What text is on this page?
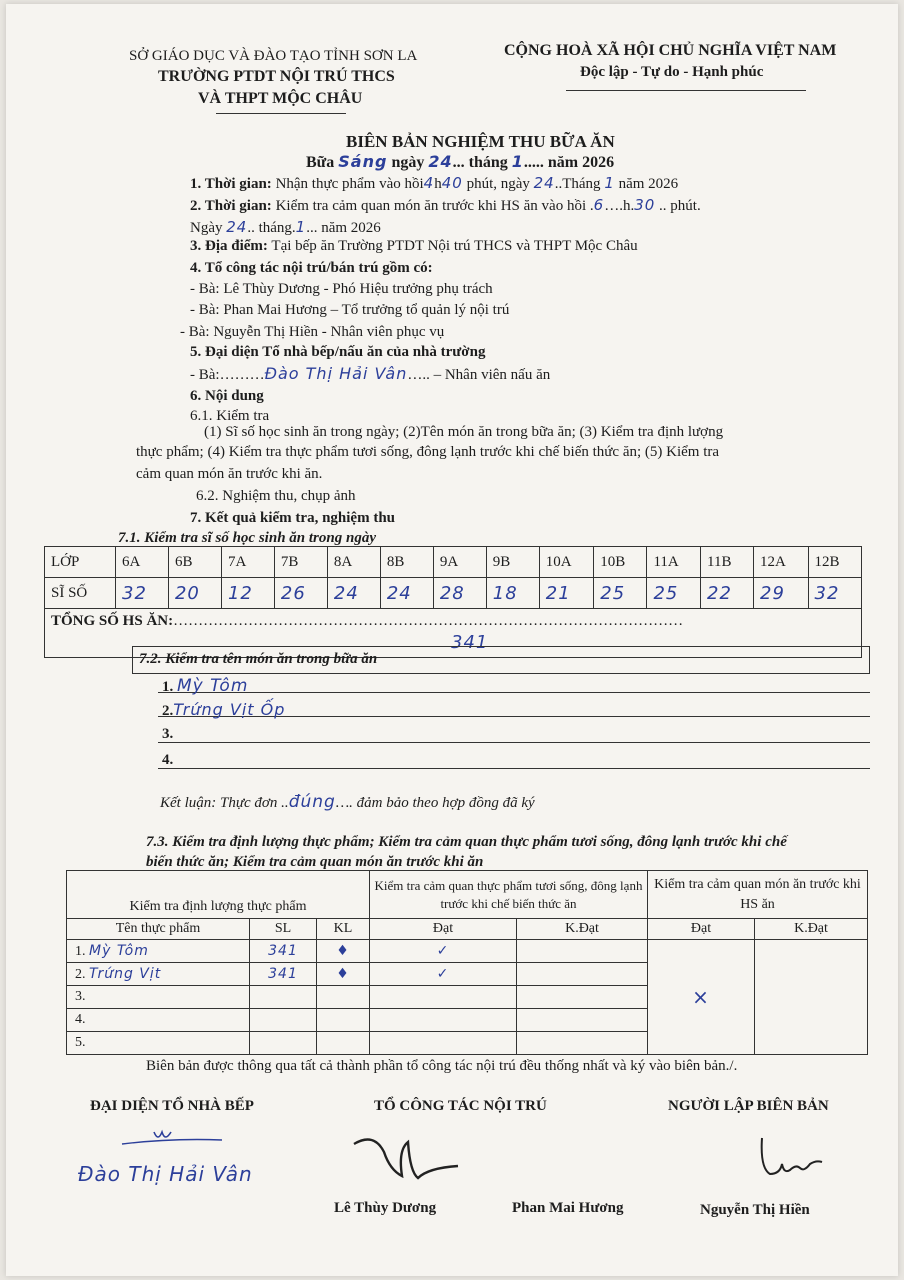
SỞ GIÁO DỤC VÀ ĐÀO TẠO TỈNH SƠN LA
TRƯỜNG PTDT NỘI TRÚ THCS
VÀ THPT MỘC CHÂU
CỘNG HOÀ XÃ HỘI CHỦ NGHĨA VIỆT NAM
Độc lập - Tự do - Hạnh phúc
BIÊN BẢN NGHIỆM THU BỮA ĂN
Bữa Sáng ngày 24... tháng 1..... năm 2026
1. Thời gian: Nhận thực phẩm vào hồi4h40 phút, ngày 24..Tháng 1 năm 2026
2. Thời gian: Kiểm tra cảm quan món ăn trước khi HS ăn vào hồi .6….h.30 .. phút.
Ngày 24.. tháng.1... năm 2026
3. Địa điểm: Tại bếp ăn Trường PTDT Nội trú THCS và THPT Mộc Châu
4. Tổ công tác nội trú/bán trú gồm có:
- Bà: Lê Thùy Dương - Phó Hiệu trưởng phụ trách
- Bà: Phan Mai Hương – Tổ trưởng tổ quản lý nội trú
- Bà: Nguyễn Thị Hiền - Nhân viên phục vụ
5. Đại diện Tổ nhà bếp/nấu ăn của nhà trường
- Bà:………Đào Thị Hải Vân….. – Nhân viên nấu ăn
6. Nội dung
6.1. Kiểm tra
(1) Sĩ số học sinh ăn trong ngày; (2)Tên món ăn trong bữa ăn; (3) Kiểm tra định lượng
thực phẩm; (4) Kiểm tra thực phẩm tươi sống, đông lạnh trước khi chế biến thức ăn; (5) Kiểm tra
cảm quan món ăn trước khi ăn.
6.2. Nghiệm thu, chụp ảnh
7. Kết quả kiểm tra, nghiệm thu
7.1. Kiểm tra sĩ số học sinh ăn trong ngày
LỚP	6A	6B	7A	7B	8A	8B	9A	9B	10A	10B	11A	11B	12A	12B
SĨ SỐ	32	20	12	26	24	24	28	18	21	25	25	22	29	32
TỔNG SỐ HS ĂN:…………………………………………………………………………………………
341														
7.2. Kiểm tra tên món ăn trong bữa ăn
1. Mỳ Tôm
2.Trứng Vịt Ốp
3.
4.
Kết luận: Thực đơn ..đúng…. đảm bảo theo hợp đồng đã ký
7.3. Kiểm tra định lượng thực phẩm; Kiểm tra cảm quan thực phẩm tươi sống, đông lạnh trước khi chế
biến thức ăn; Kiểm tra cảm quan món ăn trước khi ăn
Kiểm tra định lượng thực phẩm			Kiểm tra cảm quan thực phẩm tươi sống, đông lạnh trước khi chế biến thức ăn		Kiểm tra cảm quan món ăn trước khi HS ăn	
Tên thực phẩm	SL	KL	Đạt	K.Đạt	Đạt	K.Đạt
1. Mỳ Tôm	341	♦	✓		×	
2. Trứng Vịt	341	♦	✓			
3.						
4.						
5.						
Biên bản được thông qua tất cả thành phần tổ công tác nội trú đều thống nhất và ký vào biên bản./.
ĐẠI DIỆN TỔ NHÀ BẾP	TỔ CÔNG TÁC NỘI TRÚ	NGƯỜI LẬP BIÊN BẢN
Đào Thị Hải Vân
Lê Thùy Dương	Phan Mai Hương	Nguyễn Thị Hiền
